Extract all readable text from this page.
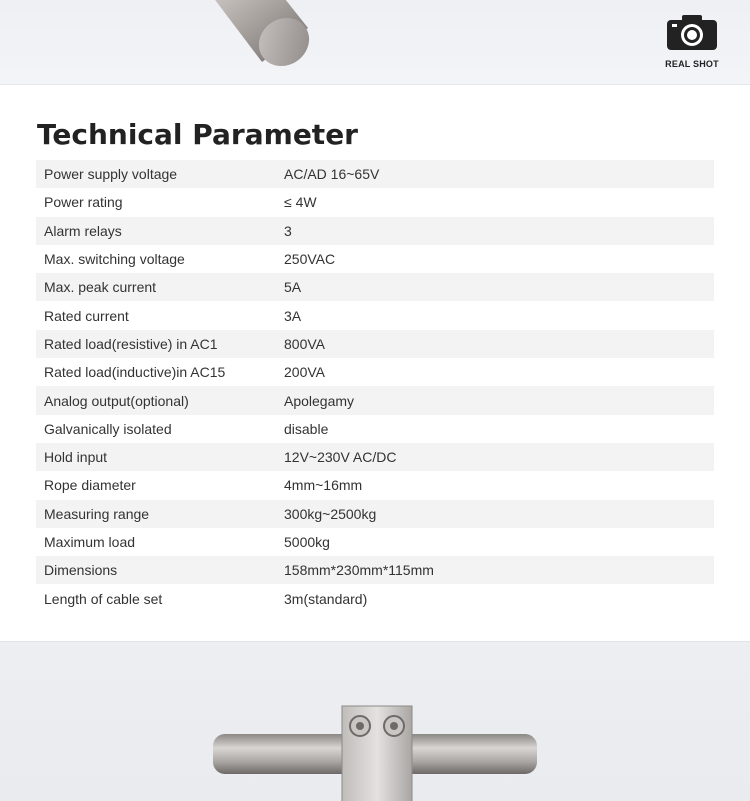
REAL SHOT
Technical Parameter
Power supply voltage	AC/AD 16~65V
Power rating	≤ 4W
Alarm relays	3
Max. switching voltage	250VAC
Max. peak current	5A
Rated current	3A
Rated load(resistive) in AC1	800VA
Rated load(inductive)in AC15	200VA
Analog output(optional)	Apolegamy
Galvanically isolated	disable
Hold input	12V~230V AC/DC
Rope diameter	4mm~16mm
Measuring range	300kg~2500kg
Maximum load	5000kg
Dimensions	158mm*230mm*115mm
Length of cable set	3m(standard)
